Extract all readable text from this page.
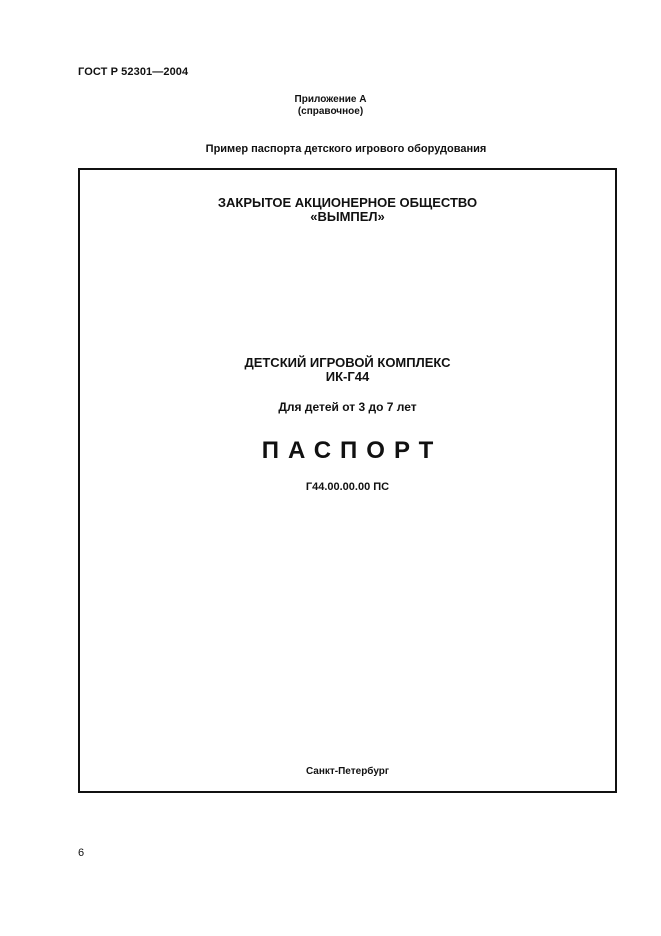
ГОСТ Р 52301—2004
Приложение А
(справочное)
Пример паспорта детского игрового оборудования
ЗАКРЫТОЕ АКЦИОНЕРНОЕ ОБЩЕСТВО
«ВЫМПЕЛ»
ДЕТСКИЙ ИГРОВОЙ КОМПЛЕКС
ИК-Г44
Для детей от 3 до 7 лет
ПАСПОРТ
Г44.00.00.00 ПС
Санкт-Петербург
6
